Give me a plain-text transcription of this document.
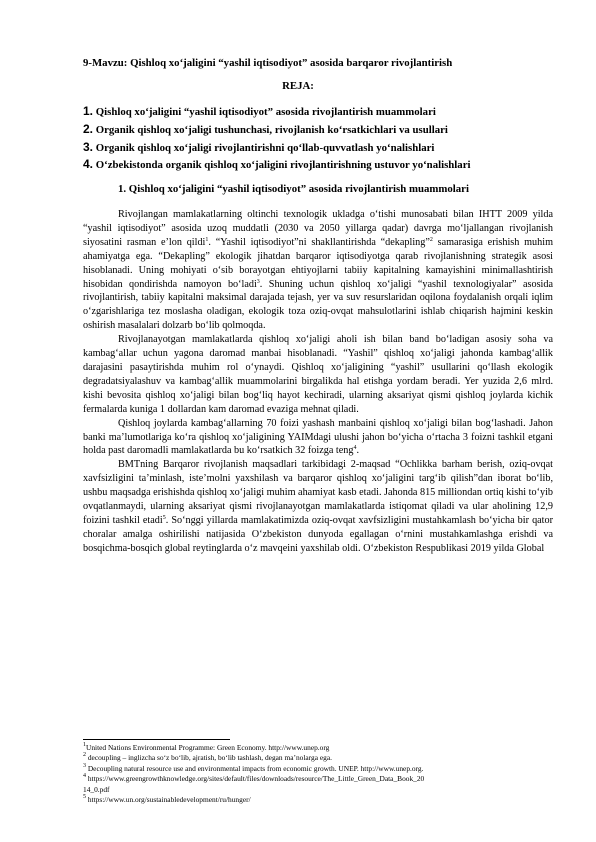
9-Mavzu: Qishloq xo‘jaligini “yashil iqtisodiyot” asosida barqaror rivojlantirish
REJA:
1. Qishloq xo‘jaligini “yashil iqtisodiyot” asosida rivojlantirish muammolari
2. Organik qishloq xo‘jaligi tushunchasi, rivojlanish ko‘rsatkichlari va usullari
3. Organik qishloq xo‘jaligi rivojlantirishni qo‘llab-quvvatlash yo‘nalishlari
4. O‘zbekistonda organik qishloq xo‘jaligini rivojlantirishning ustuvor yo‘nalishlari
1. Qishloq xo‘jaligini “yashil iqtisodiyot” asosida rivojlantirish muammolari

Rivojlangan mamlakatlarning oltinchi texnologik ukladga o‘tishi munosabati bilan IHTT 2009 yilda “yashil iqtisodiyot” asosida uzoq muddatli (2030 va 2050 yillarga qadar) davrga mo‘ljallangan rivojlanish siyosatini rasman e’lon qildi$^1$. “Yashil iqtisodiyot”ni shakllantirishda “dekapling”$^2$ samarasiga erishish muhim ahamiyatga ega. “Dekapling” ekologik jihatdan barqaror iqtisodiyotga qarab rivojlanishning strategik asosi hisoblanadi. Uning mohiyati o‘sib borayotgan ehtiyojlarni tabiiy kapitalning kamayishini minimallashtirish hisobidan qondirishda namoyon bo‘ladi$^3$. Shuning uchun qishloq xo‘jaligi “yashil texnologiyalar” asosida rivojlantirish, tabiiy kapitalni maksimal darajada tejash, yer va suv resurslaridan oqilona foydalanish orqali iqlim o‘zgarishlariga tez moslasha oladigan, ekologik toza oziq-ovqat mahsulotlarini ishlab chiqarish hajmini keskin oshirish masalalari dolzarb bo‘lib qolmoqda.

Rivojlanayotgan mamlakatlarda qishloq xo‘jaligi aholi ish bilan band bo‘ladigan asosiy soha va kambag‘allar uchun yagona daromad manbai hisoblanadi. “Yashil” qishloq xo‘jaligi jahonda kambag‘allik darajasini pasaytirishda muhim rol o‘ynaydi. Qishloq xo‘jaligining “yashil” usullarini qo‘llash ekologik degradatsiyalashuv va kambag‘allik muammolarini birgalikda hal etishga yordam beradi. Yer yuzida 2,6 mlrd. kishi bevosita qishloq xo‘jaligi bilan bog‘liq hayot kechiradi, ularning aksariyat qismi qishloq joylarda kichik fermalarda kuniga 1 dollardan kam daromad evaziga mehnat qiladi.

Qishloq joylarda kambag‘allarning 70 foizi yashash manbaini qishloq xo‘jaligi bilan bog‘lashadi. Jahon banki ma’lumotlariga ko‘ra qishloq xo‘jaligining YAIMdagi ulushi jahon bo‘yicha o‘rtacha 3 foizni tashkil etgani holda past daromadli mamlakatlarda bu ko‘rsatkich 32 foizga teng$^4$.

BMTning Barqaror rivojlanish maqsadlari tarkibidagi 2-maqsad “Ochlikka barham berish, oziq-ovqat xavfsizligini ta’minlash, iste’molni yaxshilash va barqaror qishloq xo‘jaligini targ‘ib qilish”dan iborat bo‘lib, ushbu maqsadga erishishda qishloq xo‘jaligi muhim ahamiyat kasb etadi. Jahonda 815 milliondan ortiq kishi to‘yib ovqatlanmaydi, ularning aksariyat qismi rivojlanayotgan mamlakatlarda istiqomat qiladi va ular aholining 12,9 foizini tashkil etadi$^5$. So‘nggi yillarda mamlakatimizda oziq-ovqat xavfsizligini mustahkamlash bo‘yicha bir qator choralar amalga oshirilishi natijasida O‘zbekiston dunyoda egallagan o‘rnini mustahkamlashga erishdi va bosqichma-bosqich global reytinglarda o‘z mavqeini yaxshilab oldi. O‘zbekiston Respublikasi 2019 yilda Global

$^1$United Nations Environmental Programme: Green Economy. http://www.unep.org
$^2$ decoupling – inglizcha so‘z bo‘lib, ajratish, bo‘lib tashlash, degan ma’nolarga ega.
$^3$ Decoupling natural resource use and environmental impacts from economic growth. UNEP. http://www.unep.org.
$^4$ https://www.greengrowthknowledge.org/sites/default/files/downloads/resource/The_Little_Green_Data_Book_20
14_0.pdf
$^5$ https://www.un.org/sustainabledevelopment/ru/hunger/
